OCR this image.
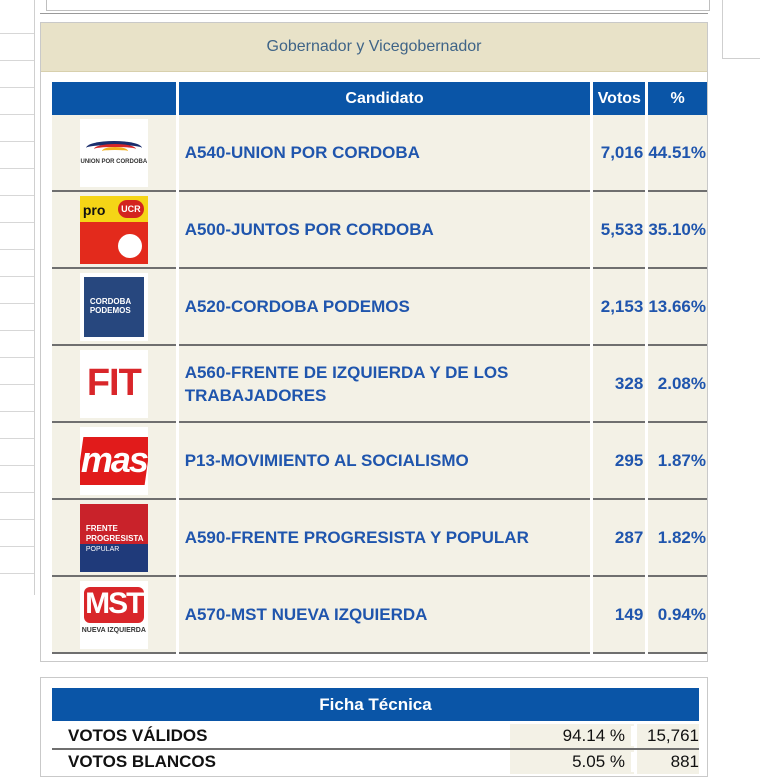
Gobernador y Vicegobernador
	Candidato	Votos	%

UNION POR CORDOBA	A540-UNION POR CORDOBA	7,016	44.51%

pro UCR	A500-JUNTOS POR CORDOBA	5,533	35.10%

CORDOBA
PODEMOS	A520-CORDOBA PODEMOS	2,153	13.66%

FIT	A560-FRENTE DE IZQUIERDA Y DE LOS TRABAJADORES	328	2.08%

mas	P13-MOVIMIENTO AL SOCIALISMO	295	1.87%

FRENTE
PROGRESISTA
POPULAR	A590-FRENTE PROGRESISTA Y POPULAR	287	1.82%

MST
NUEVA IZQUIERDA	A570-MST NUEVA IZQUIERDA	149	0.94%
Ficha Técnica
VOTOS VÁLIDOS	94.14 %	15,761
VOTOS BLANCOS	5.05 %	881
